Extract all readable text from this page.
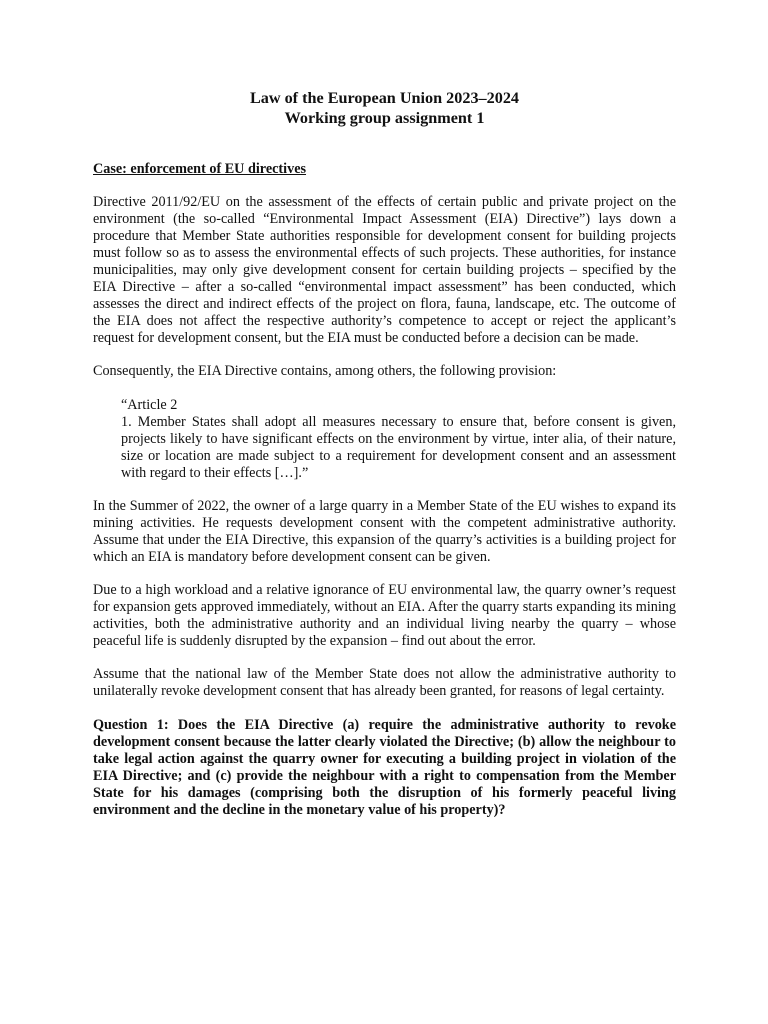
Law of the European Union 2023–2024
Working group assignment 1
Case: enforcement of EU directives

Directive 2011/92/EU on the assessment of the effects of certain public and private project on the environment (the so-called “Environmental Impact Assessment (EIA) Directive”) lays down a procedure that Member State authorities responsible for development consent for building projects must follow so as to assess the environmental effects of such projects. These authorities, for instance municipalities, may only give development consent for certain building projects – specified by the EIA Directive – after a so-called “environmental impact assessment” has been conducted, which assesses the direct and indirect effects of the project on flora, fauna, landscape, etc. The outcome of the EIA does not affect the respective authority’s competence to accept or reject the applicant’s request for development consent, but the EIA must be conducted before a decision can be made.

Consequently, the EIA Directive contains, among others, the following provision:

“Article 2
1. Member States shall adopt all measures necessary to ensure that, before consent is given, projects likely to have significant effects on the environment by virtue, inter alia, of their nature, size or location are made subject to a requirement for development consent and an assessment with regard to their effects […].”

In the Summer of 2022, the owner of a large quarry in a Member State of the EU wishes to expand its mining activities. He requests development consent with the competent administrative authority. Assume that under the EIA Directive, this expansion of the quarry’s activities is a building project for which an EIA is mandatory before development consent can be given.

Due to a high workload and a relative ignorance of EU environmental law, the quarry owner’s request for expansion gets approved immediately, without an EIA. After the quarry starts expanding its mining activities, both the administrative authority and an individual living nearby the quarry – whose peaceful life is suddenly disrupted by the expansion – find out about the error.

Assume that the national law of the Member State does not allow the administrative authority to unilaterally revoke development consent that has already been granted, for reasons of legal certainty.

Question 1: Does the EIA Directive (a) require the administrative authority to revoke development consent because the latter clearly violated the Directive; (b) allow the neighbour to take legal action against the quarry owner for executing a building project in violation of the EIA Directive; and (c) provide the neighbour with a right to compensation from the Member State for his damages (comprising both the disruption of his formerly peaceful living environment and the decline in the monetary value of his property)?
